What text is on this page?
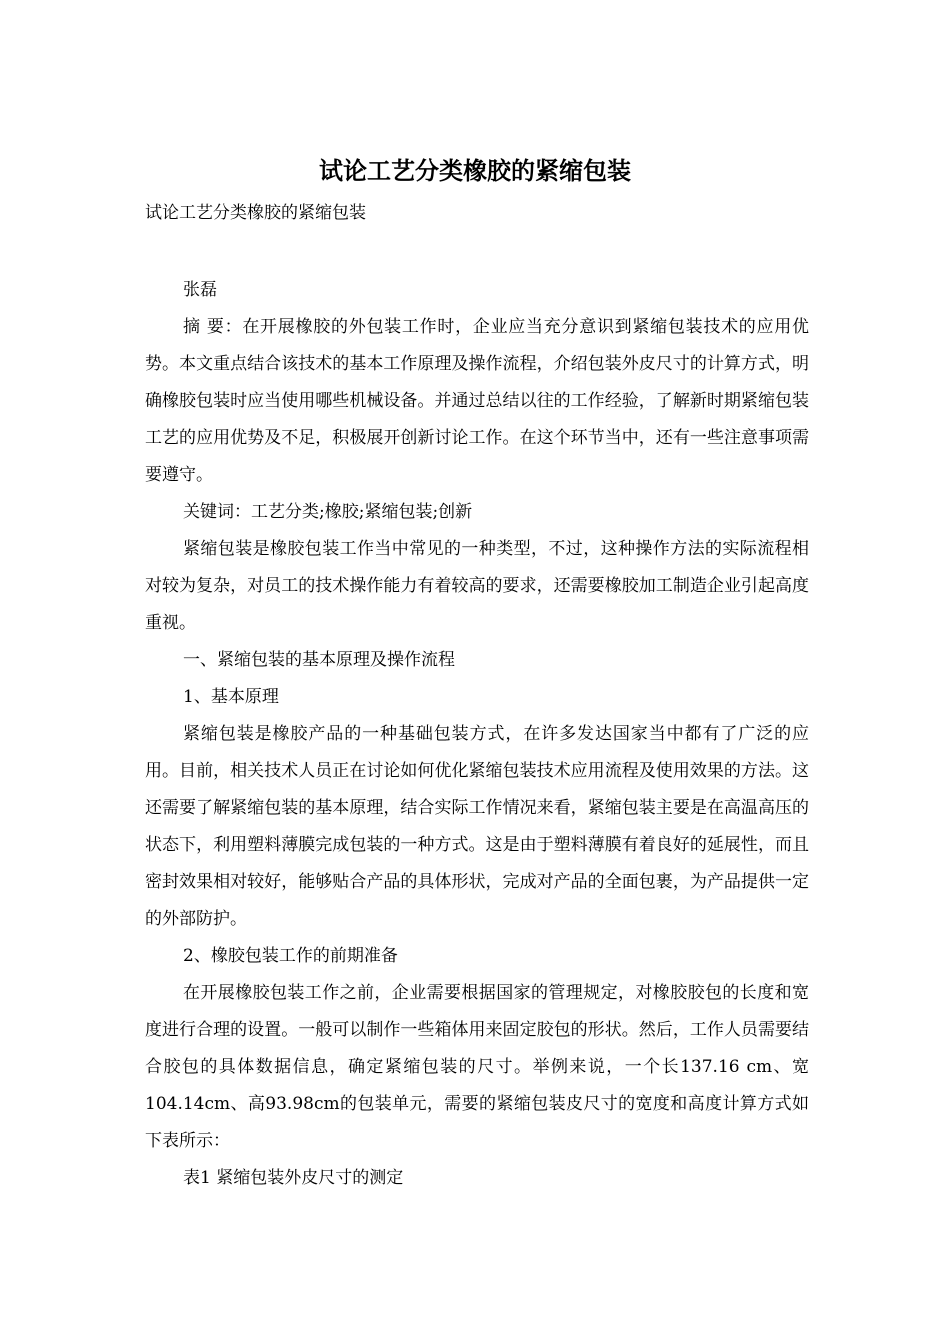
试论工艺分类橡胶的紧缩包装

试论工艺分类橡胶的紧缩包装

张磊

摘 要：在开展橡胶的外包装工作时，企业应当充分意识到紧缩包装技术的应用优势。本文重点结合该技术的基本工作原理及操作流程，介绍包装外皮尺寸的计算方式，明确橡胶包装时应当使用哪些机械设备。并通过总结以往的工作经验，了解新时期紧缩包装工艺的应用优势及不足，积极展开创新讨论工作。在这个环节当中，还有一些注意事项需要遵守。

关键词：工艺分类;橡胶;紧缩包装;创新

紧缩包装是橡胶包装工作当中常见的一种类型，不过，这种操作方法的实际流程相对较为复杂，对员工的技术操作能力有着较高的要求，还需要橡胶加工制造企业引起高度重视。

一、紧缩包装的基本原理及操作流程

1、基本原理

紧缩包装是橡胶产品的一种基础包装方式，在许多发达国家当中都有了广泛的应用。目前，相关技术人员正在讨论如何优化紧缩包装技术应用流程及使用效果的方法。这还需要了解紧缩包装的基本原理，结合实际工作情况来看，紧缩包装主要是在高温高压的状态下，利用塑料薄膜完成包装的一种方式。这是由于塑料薄膜有着良好的延展性，而且密封效果相对较好，能够贴合产品的具体形状，完成对产品的全面包裹，为产品提供一定的外部防护。

2、橡胶包装工作的前期准备

在开展橡胶包装工作之前，企业需要根据国家的管理规定，对橡胶胶包的长度和宽度进行合理的设置。一般可以制作一些箱体用来固定胶包的形状。然后，工作人员需要结合胶包的具体数据信息，确定紧缩包装的尺寸。举例来说，一个长137.16 cm、宽104.14cm、高93.98cm的包装单元，需要的紧缩包装皮尺寸的宽度和高度计算方式如下表所示：

表1 紧缩包装外皮尺寸的测定
